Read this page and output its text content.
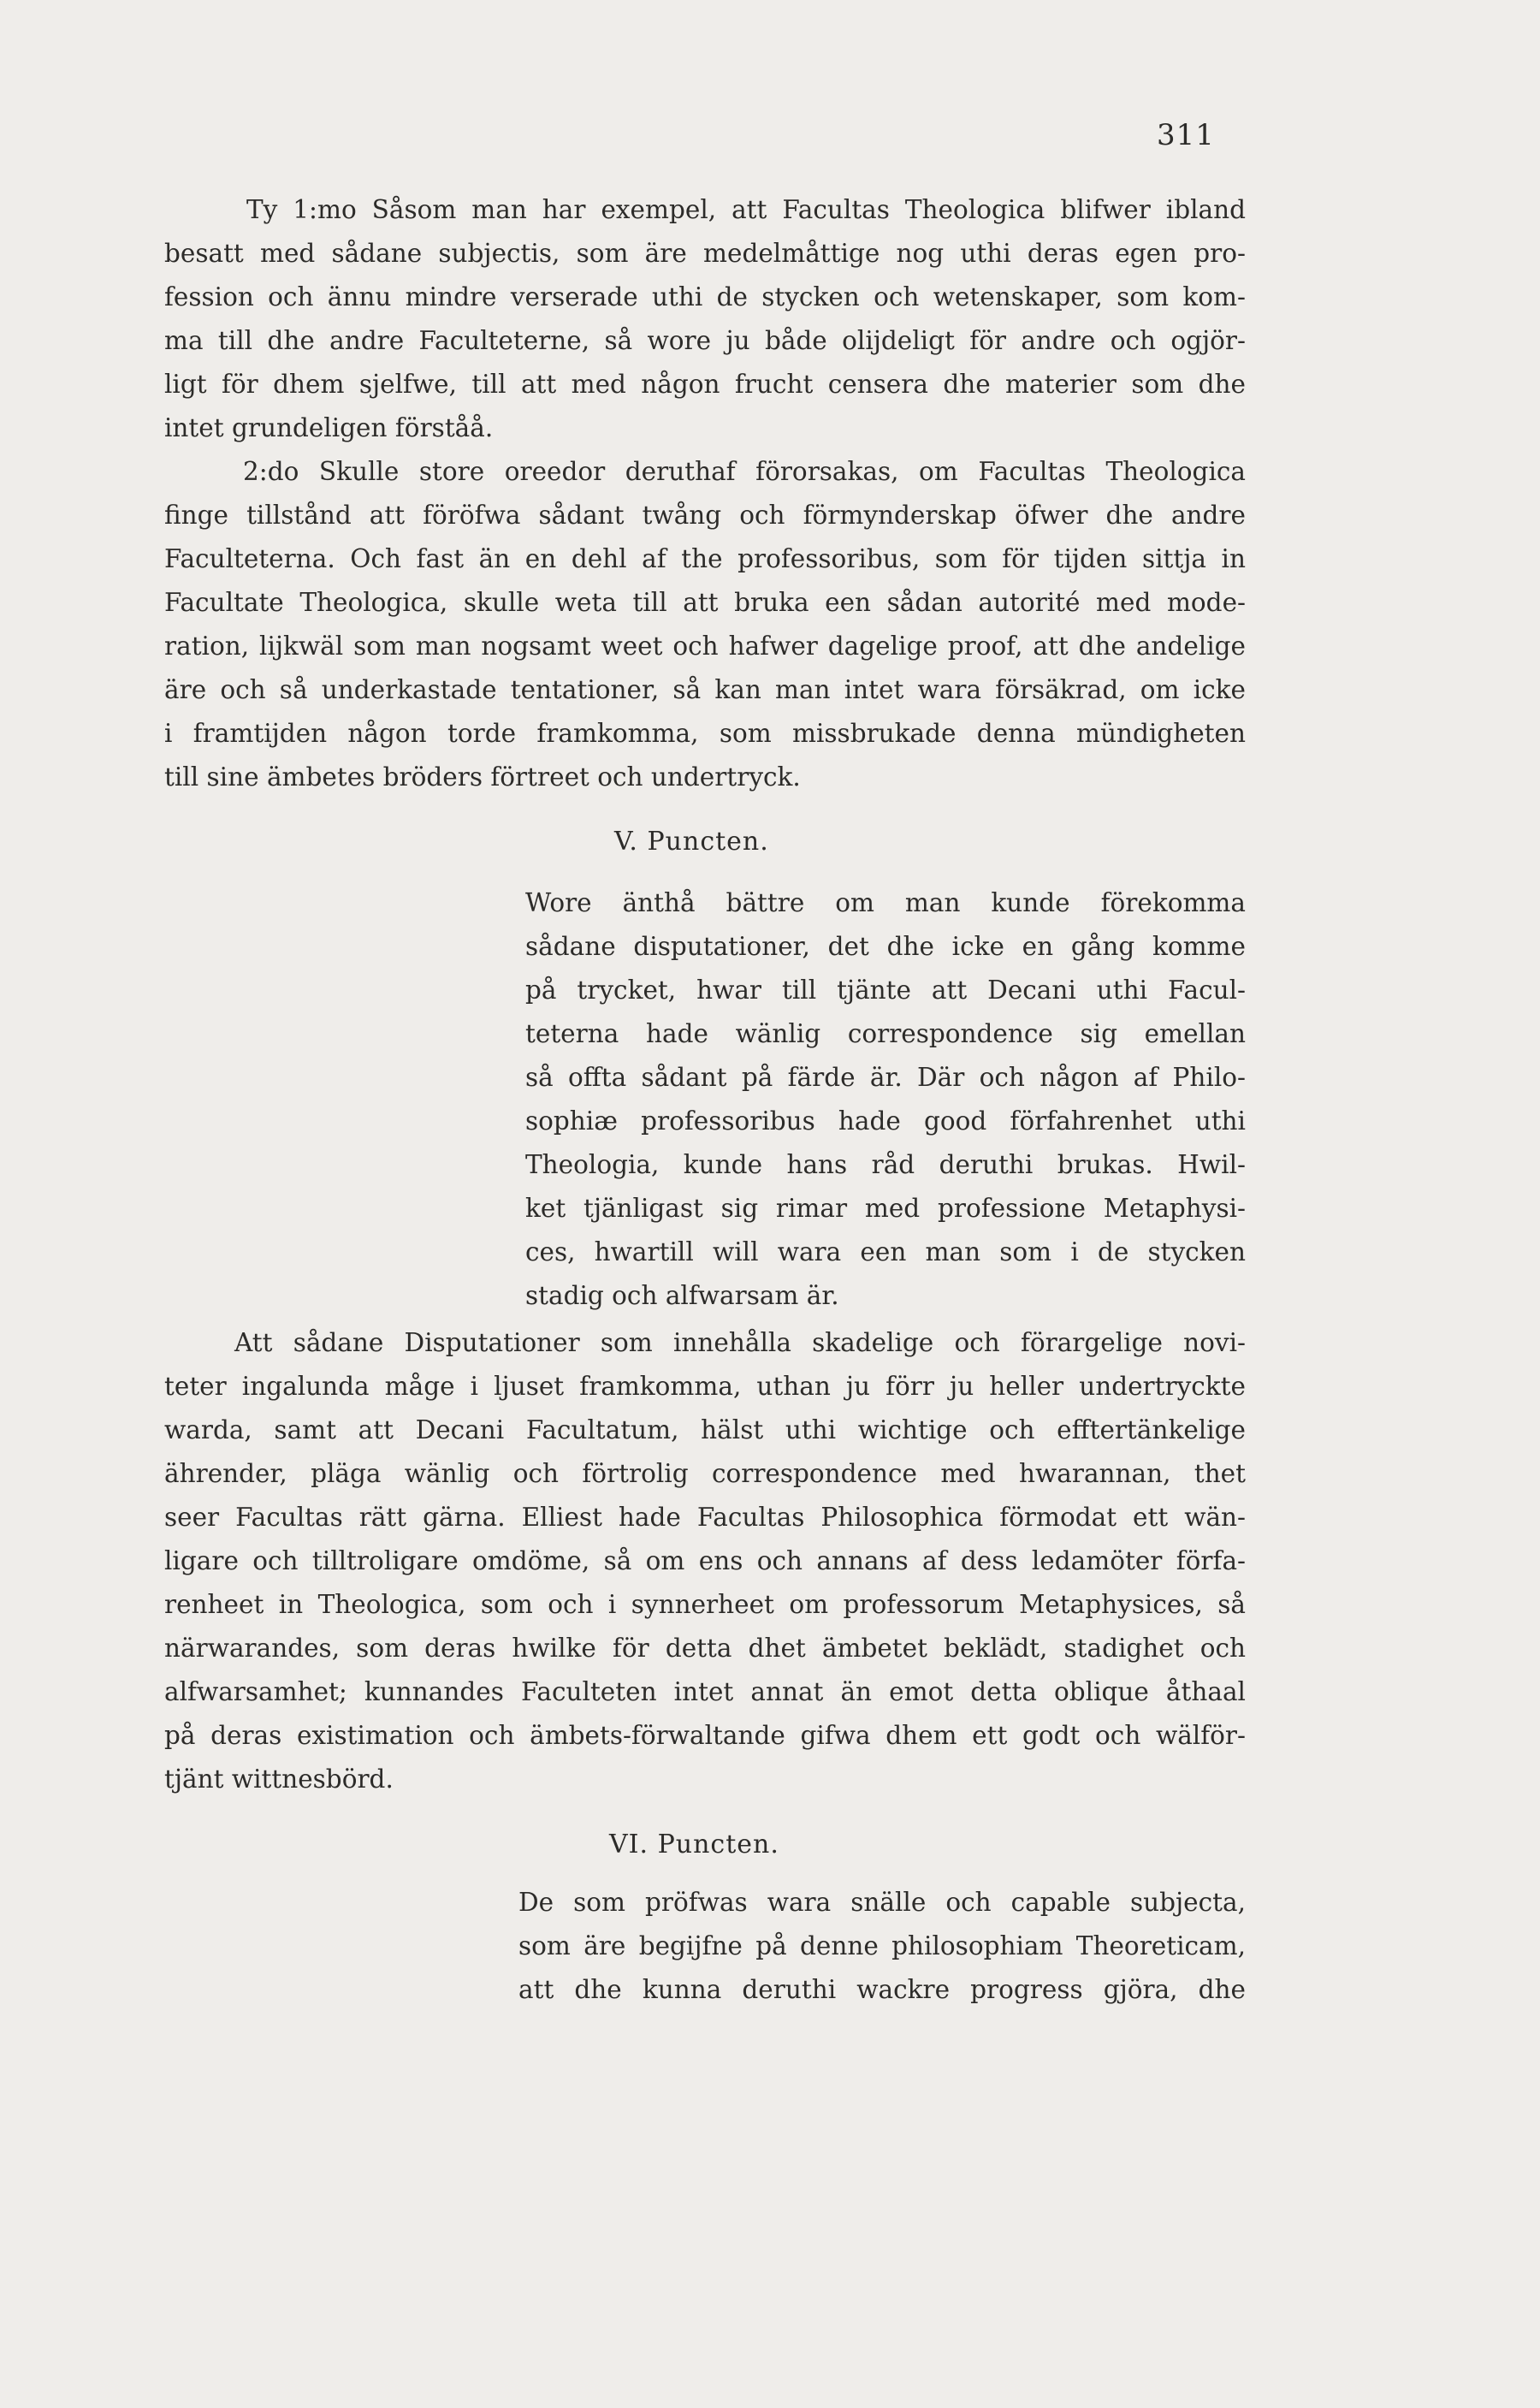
311
Ty 1:mo Såsom man har exempel, att Facultas Theologica blifwer ibland
besatt med sådane subjectis, som äre medelmåttige nog uthi deras egen pro-
fession och ännu mindre verserade uthi de stycken och wetenskaper, som kom-
ma till dhe andre Faculteterne, så wore ju både olijdeligt för andre och ogjör-
ligt för dhem sjelfwe, till att med någon frucht censera dhe materier som dhe
intet grundeligen förståå.
2:do Skulle store oreedor deruthaf förorsakas, om Facultas Theologica
finge tillstånd att föröfwa sådant twång och förmynderskap öfwer dhe andre
Faculteterna. Och fast än en dehl af the professoribus, som för tijden sittja in
Facultate Theologica, skulle weta till att bruka een sådan autorité med mode-
ration, lijkwäl som man nogsamt weet och hafwer dagelige proof, att dhe andelige
äre och så underkastade tentationer, så kan man intet wara försäkrad, om icke
i framtijden någon torde framkomma, som missbrukade denna mündigheten
till sine ämbetes bröders förtreet och undertryck.
V. Puncten.
Wore änthå bättre om man kunde förekomma
sådane disputationer, det dhe icke en gång komme
på trycket, hwar till tjänte att Decani uthi Facul-
teterna hade wänlig correspondence sig emellan
så offta sådant på färde är. Där och någon af Philo-
sophiæ professoribus hade good förfahrenhet uthi
Theologia, kunde hans råd deruthi brukas. Hwil-
ket tjänligast sig rimar med professione Metaphysi-
ces, hwartill will wara een man som i de stycken
stadig och alfwarsam är.
Att sådane Disputationer som innehålla skadelige och förargelige novi-
teter ingalunda måge i ljuset framkomma, uthan ju förr ju heller undertryckte
warda, samt att Decani Facultatum, hälst uthi wichtige och efftertänkelige
ährender, pläga wänlig och förtrolig correspondence med hwarannan, thet
seer Facultas rätt gärna. Elliest hade Facultas Philosophica förmodat ett wän-
ligare och tilltroligare omdöme, så om ens och annans af dess ledamöter förfa-
renheet in Theologica, som och i synnerheet om professorum Metaphysices, så
närwarandes, som deras hwilke för detta dhet ämbetet beklädt, stadighet och
alfwarsamhet; kunnandes Faculteten intet annat än emot detta oblique åthaal
på deras existimation och ämbets-förwaltande gifwa dhem ett godt och wälför-
tjänt wittnesbörd.
VI. Puncten.
De som pröfwas wara snälle och capable subjecta,
som äre begijfne på denne philosophiam Theoreticam,
att dhe kunna deruthi wackre progress gjöra, dhe
